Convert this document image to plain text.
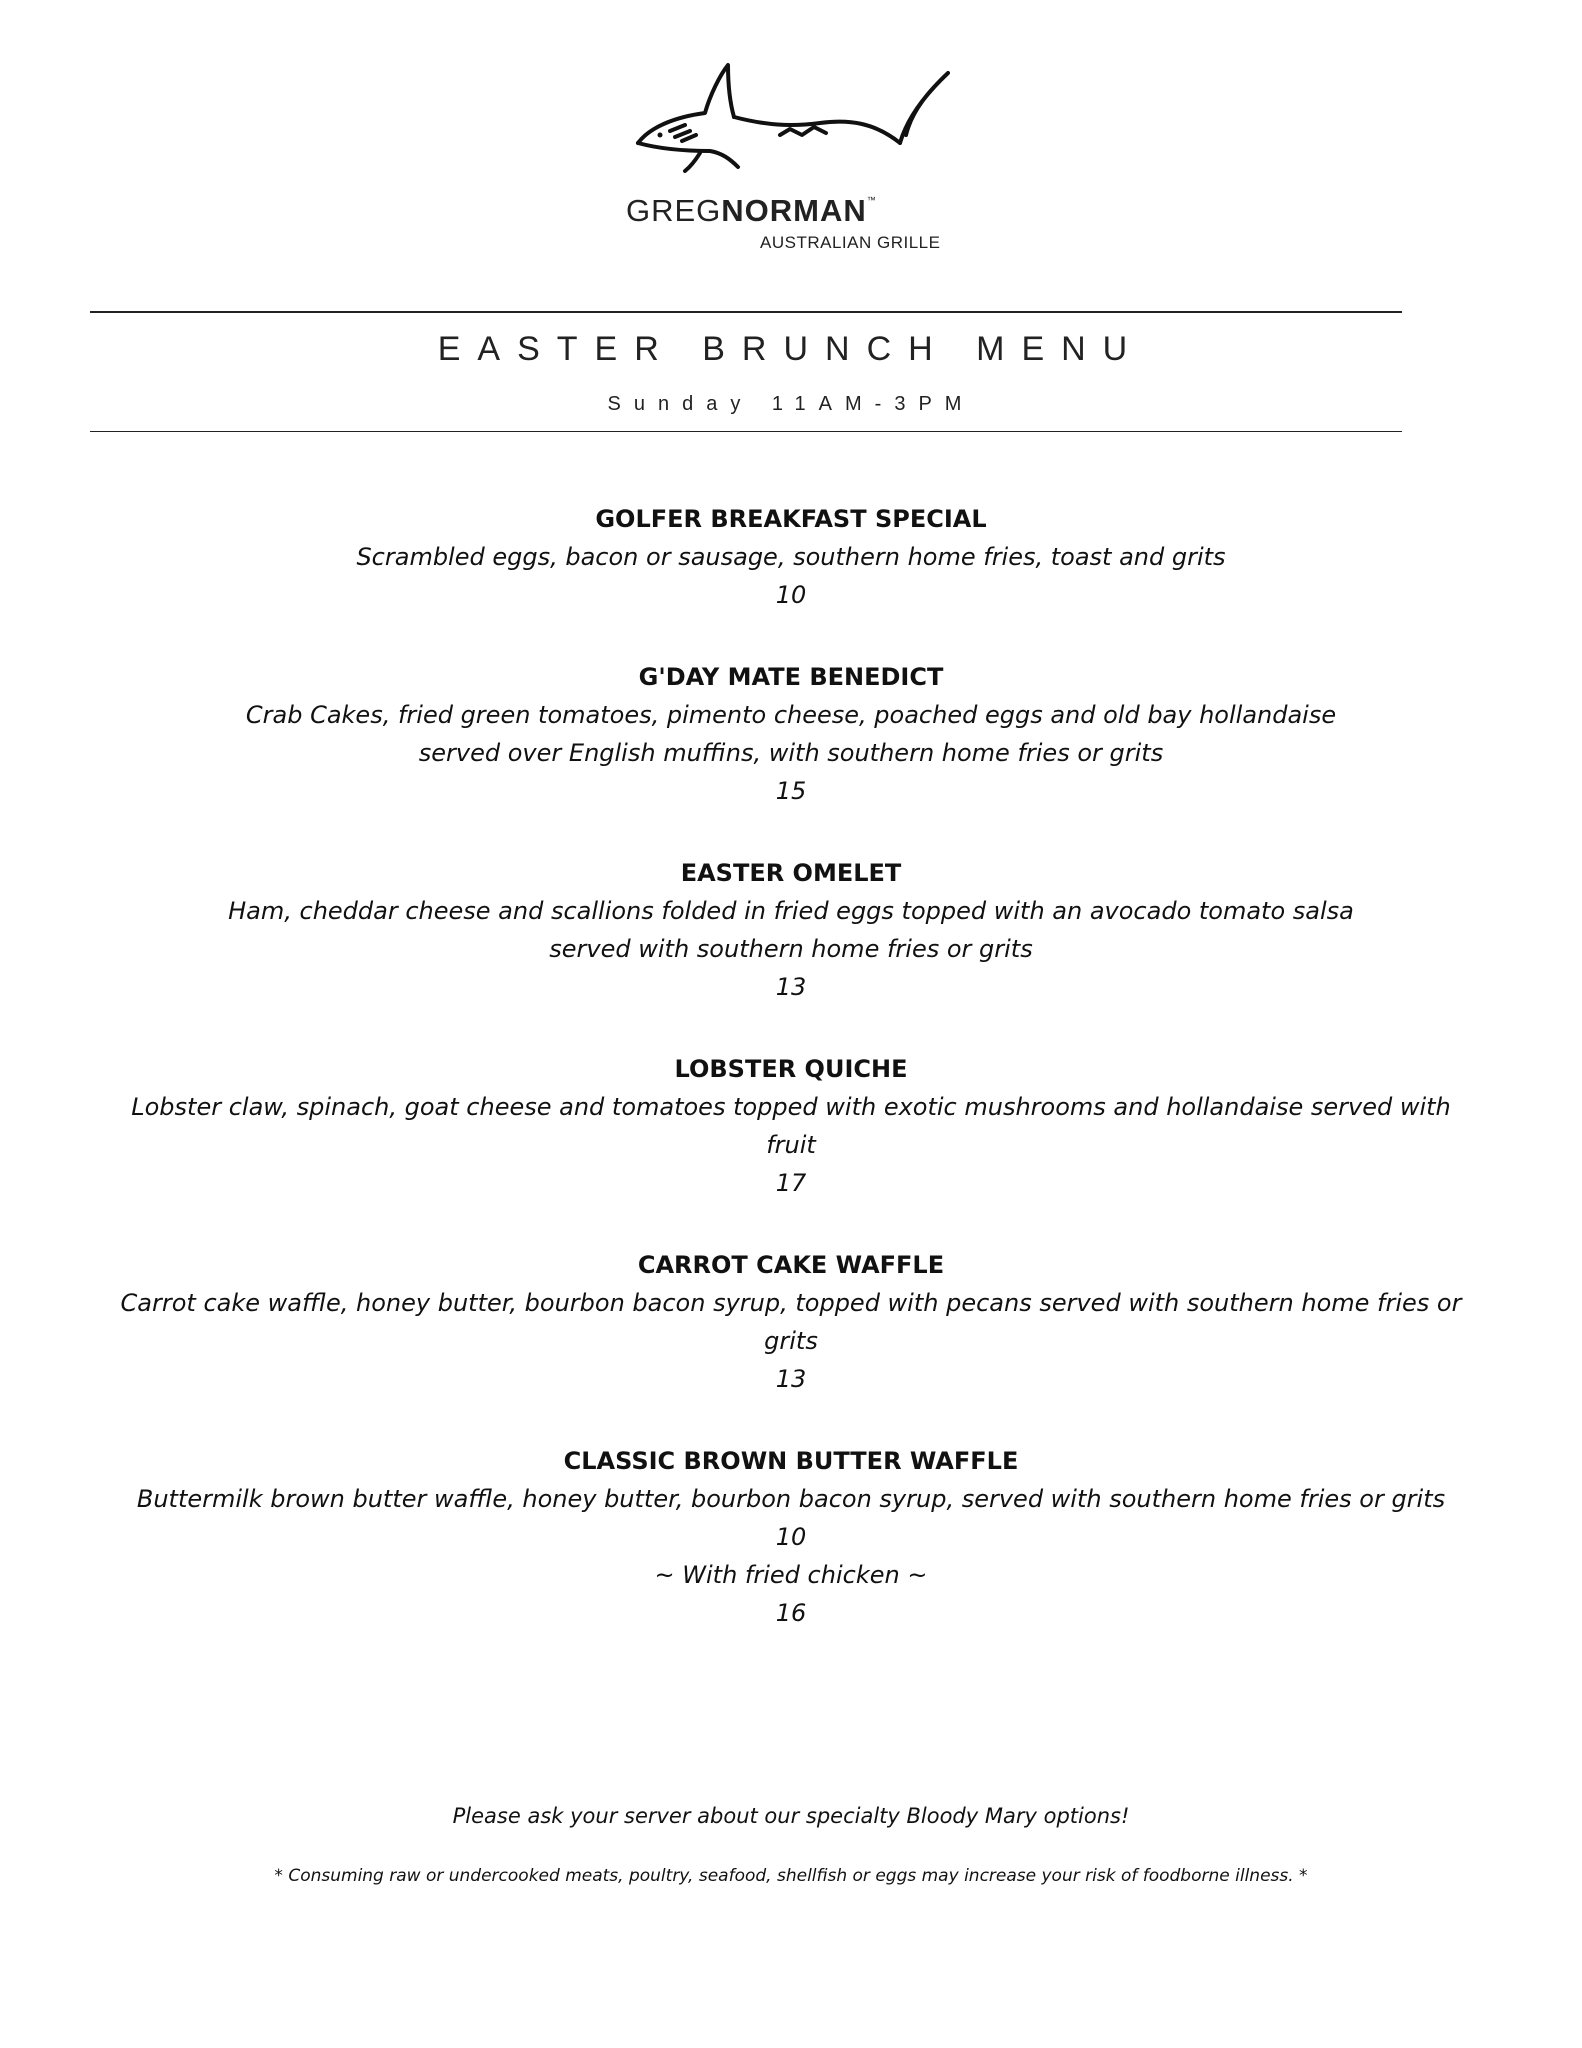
GREGNORMAN™
AUSTRALIAN GRILLE
EASTER BRUNCH MENU
Sunday 11AM-3PM
GOLFER BREAKFAST SPECIAL
Scrambled eggs, bacon or sausage, southern home fries, toast and grits
10
G'DAY MATE BENEDICT
Crab Cakes, fried green tomatoes, pimento cheese, poached eggs and old bay hollandaise
served over English muffins, with southern home fries or grits
15
EASTER OMELET
Ham, cheddar cheese and scallions folded in fried eggs topped with an avocado tomato salsa
served with southern home fries or grits
13
LOBSTER QUICHE
Lobster claw, spinach, goat cheese and tomatoes topped with exotic mushrooms and hollandaise served with
fruit
17
CARROT CAKE WAFFLE
Carrot cake waffle, honey butter, bourbon bacon syrup, topped with pecans served with southern home fries or
grits
13
CLASSIC BROWN BUTTER WAFFLE
Buttermilk brown butter waffle, honey butter, bourbon bacon syrup, served with southern home fries or grits
10
~ With fried chicken ~
16
Please ask your server about our specialty Bloody Mary options!
* Consuming raw or undercooked meats, poultry, seafood, shellfish or eggs may increase your risk of foodborne illness. *
